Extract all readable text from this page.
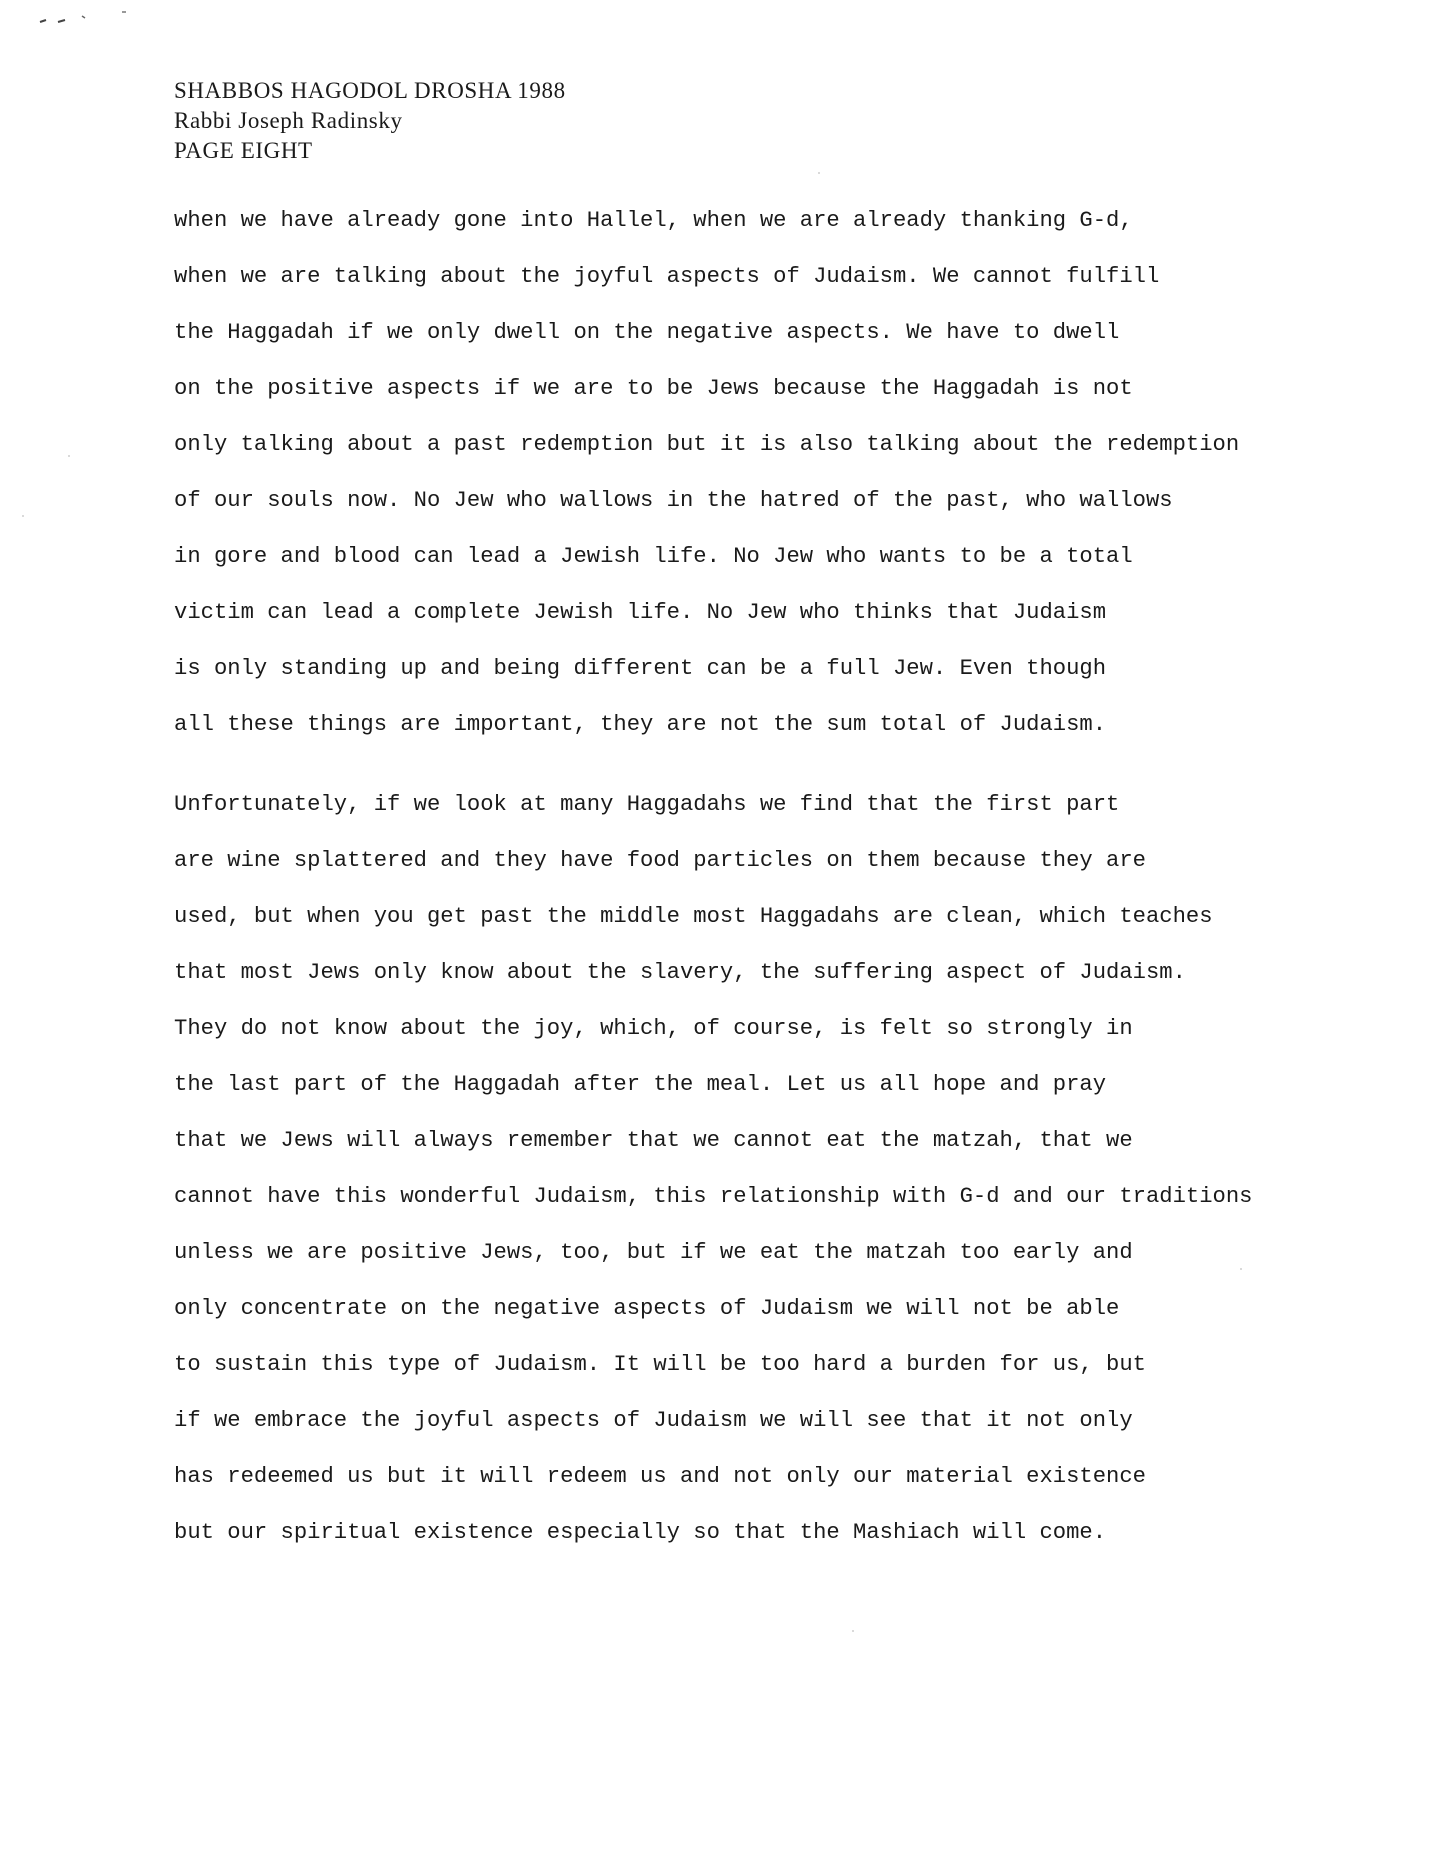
SHABBOS HAGODOL DROSHA 1988
Rabbi Joseph Radinsky
PAGE EIGHT
when we have already gone into Hallel, when we are already thanking G-d,
when we are talking about the joyful aspects of Judaism. We cannot fulfill
the Haggadah if we only dwell on the negative aspects. We have to dwell
on the positive aspects if we are to be Jews because the Haggadah is not
only talking about a past redemption but it is also talking about the redemption
of our souls now. No Jew who wallows in the hatred of the past, who wallows
in gore and blood can lead a Jewish life. No Jew who wants to be a total
victim can lead a complete Jewish life. No Jew who thinks that Judaism
is only standing up and being different can be a full Jew. Even though
all these things are important, they are not the sum total of Judaism.
Unfortunately, if we look at many Haggadahs we find that the first part
are wine splattered and they have food particles on them because they are
used, but when you get past the middle most Haggadahs are clean, which teaches
that most Jews only know about the slavery, the suffering aspect of Judaism.
They do not know about the joy, which, of course, is felt so strongly in
the last part of the Haggadah after the meal. Let us all hope and pray
that we Jews will always remember that we cannot eat the matzah, that we
cannot have this wonderful Judaism, this relationship with G-d and our traditions
unless we are positive Jews, too, but if we eat the matzah too early and
only concentrate on the negative aspects of Judaism we will not be able
to sustain this type of Judaism. It will be too hard a burden for us, but
if we embrace the joyful aspects of Judaism we will see that it not only
has redeemed us but it will redeem us and not only our material existence
but our spiritual existence especially so that the Mashiach will come.
